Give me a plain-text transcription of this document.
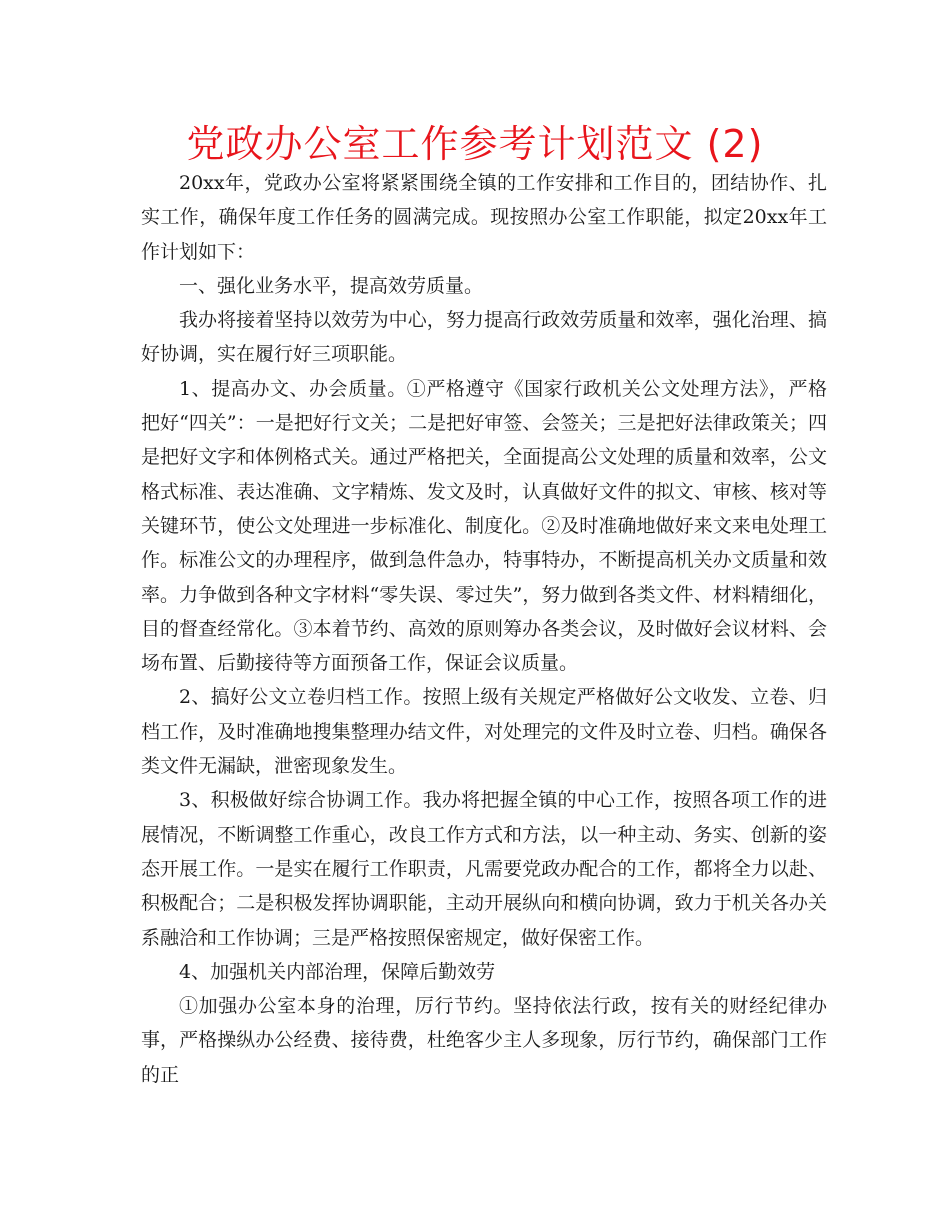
党政办公室工作参考计划范文 (2)

20xx年，党政办公室将紧紧围绕全镇的工作安排和工作目的，团结协作、扎实工作，确保年度工作任务的圆满完成。现按照办公室工作职能，拟定20xx年工作计划如下：

一、强化业务水平，提高效劳质量。

我办将接着坚持以效劳为中心，努力提高行政效劳质量和效率，强化治理、搞好协调，实在履行好三项职能。

1、提高办文、办会质量。①严格遵守《国家行政机关公文处理方法》，严格把好“四关”：一是把好行文关；二是把好审签、会签关；三是把好法律政策关；四是把好文字和体例格式关。通过严格把关，全面提高公文处理的质量和效率，公文格式标准、表达准确、文字精炼、发文及时，认真做好文件的拟文、审核、核对等关键环节，使公文处理进一步标准化、制度化。②及时准确地做好来文来电处理工作。标准公文的办理程序，做到急件急办，特事特办，不断提高机关办文质量和效率。力争做到各种文字材料“零失误、零过失”，努力做到各类文件、材料精细化，目的督查经常化。③本着节约、高效的原则筹办各类会议，及时做好会议材料、会场布置、后勤接待等方面预备工作，保证会议质量。

2、搞好公文立卷归档工作。按照上级有关规定严格做好公文收发、立卷、归档工作，及时准确地搜集整理办结文件，对处理完的文件及时立卷、归档。确保各类文件无漏缺，泄密现象发生。

3、积极做好综合协调工作。我办将把握全镇的中心工作，按照各项工作的进展情况，不断调整工作重心，改良工作方式和方法，以一种主动、务实、创新的姿态开展工作。一是实在履行工作职责，凡需要党政办配合的工作，都将全力以赴、积极配合；二是积极发挥协调职能，主动开展纵向和横向协调，致力于机关各办关系融洽和工作协调；三是严格按照保密规定，做好保密工作。

4、加强机关内部治理，保障后勤效劳

①加强办公室本身的治理，厉行节约。坚持依法行政，按有关的财经纪律办事，严格操纵办公经费、接待费，杜绝客少主人多现象，厉行节约，确保部门工作的正
